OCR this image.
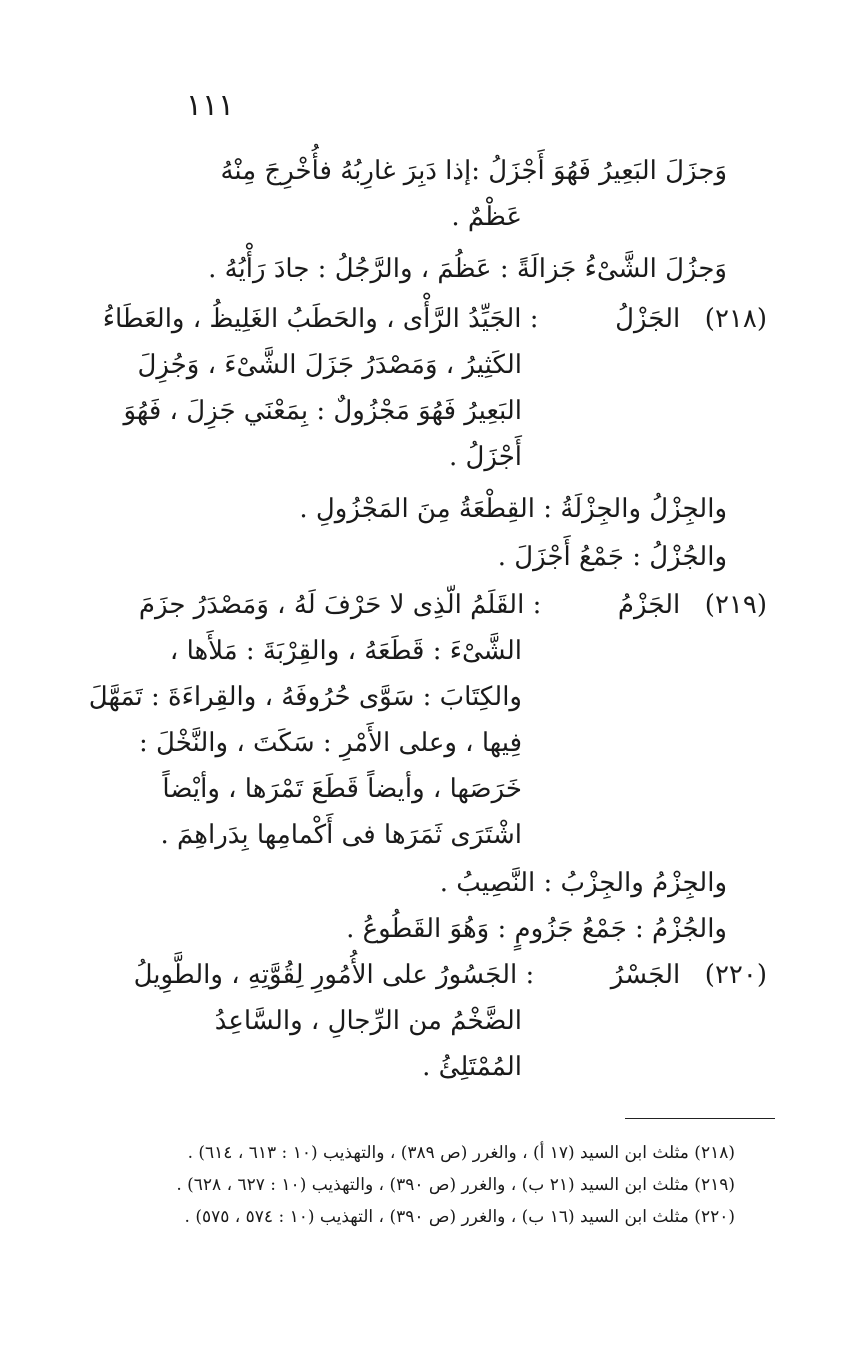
١١١
وَجزَلَ البَعِيرُ فَهُوَ أَجْزَلُ :إذا دَبِرَ غارِبُهُ فأُخْرِجَ مِنْهُ
عَظْمٌ .
وَجزُلَ الشَّىْءُ جَزالَةً : عَظُمَ ، والرَّجُلُ : جادَ رَأْيُهُ .
(٢١٨)  الجَزْلُ  : الجَيِّدُ الرَّأْى ، والحَطَبُ الغَلِيظُ ، والعَطَاءُ
الكَثِيرُ ، وَمَصْدَرُ جَزَلَ الشَّىْءَ ، وَجُزِلَ
البَعِيرُ فَهُوَ مَجْزُولٌ : بِمَعْنَي جَزِلَ ، فَهُوَ
أَجْزَلُ .
والجِزْلُ والجِزْلَةُ : القِطْعَةُ مِنَ المَجْزُولِ .
والجُزْلُ : جَمْعُ أَجْزَلَ .
(٢١٩)  الجَزْمُ  : القَلَمُ الّذِى لا حَرْفَ لَهُ ، وَمَصْدَرُ جزَمَ
الشَّىْءَ : قَطَعَهُ ، والقِرْبَةَ : مَلأَها ،
والكِتَابَ : سَوَّى حُرُوفَهُ ، والقِراءَةَ : تَمَهَّلَ
فِيها ، وعلى الأَمْرِ : سَكَتَ ، والنَّخْلَ :
خَرَصَها ، وأيضاً قَطَعَ تَمْرَها ، وأيْضاً
اشْتَرَى ثَمَرَها فى أَكْمامِها بِدَراهِمَ .
والجِزْمُ والجِزْبُ : النَّصِيبُ .
والجُزْمُ : جَمْعُ جَزُومٍ : وَهُوَ القَطُوعُ .
(٢٢٠)  الجَسْرُ  : الجَسُورُ على الأُمُورِ لِقُوَّتِهِ ، والطَّوِيلُ
الضَّخْمُ من الرِّجالِ ، والسَّاعِدُ
المُمْتَلِئُ .
(٢١٨) مثلث ابن السيد (١٧ أ) ، والغرر (ص ٣٨٩) ، والتهذيب (١٠ : ٦١٣ ، ٦١٤) .
(٢١٩) مثلث ابن السيد (٢١ ب) ، والغرر (ص ٣٩٠) ، والتهذيب (١٠ : ٦٢٧ ، ٦٢٨) .
(٢٢٠) مثلث ابن السيد (١٦ ب) ، والغرر (ص ٣٩٠) ، التهذيب (١٠ : ٥٧٤ ، ٥٧٥) .
